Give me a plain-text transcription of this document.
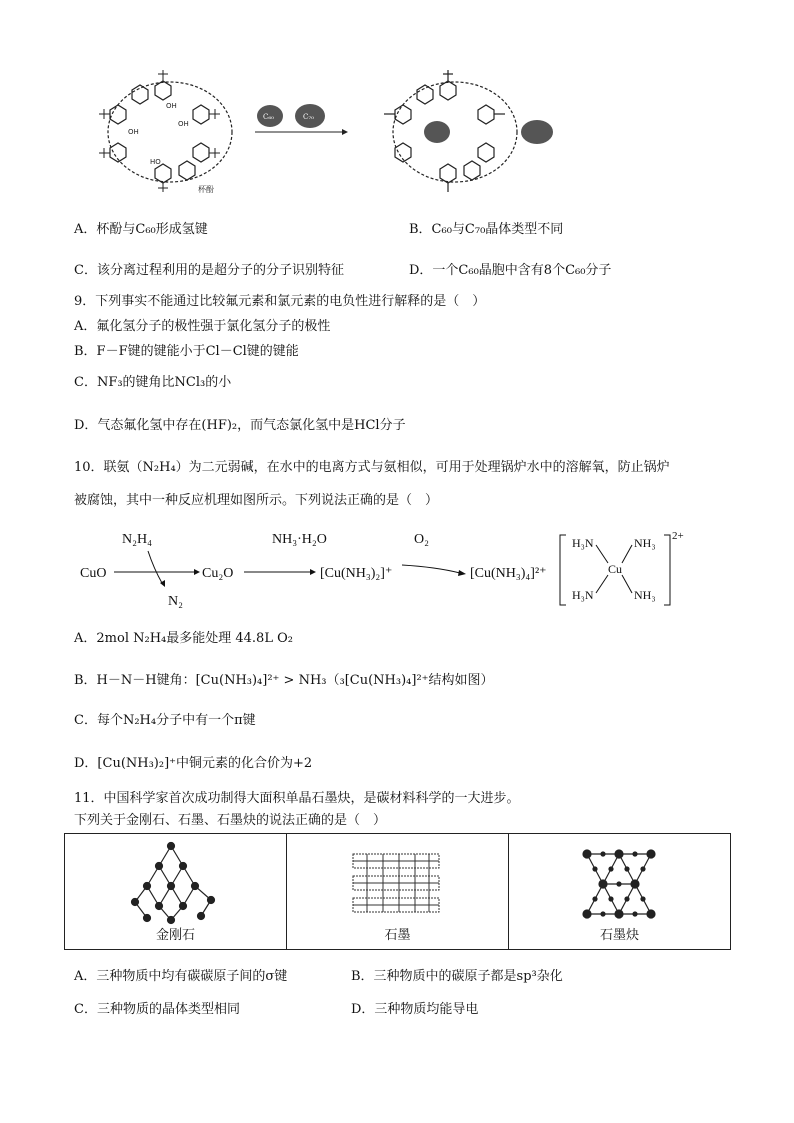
OH
OH
OH
HO
杯酚
C₆₀	C₇₀
A．杯酚与C₆₀形成氢键	B．C₆₀与C₇₀晶体类型不同
C．该分离过程利用的是超分子的分子识别特征	D．一个C₆₀晶胞中含有8个C₆₀分子
9．下列事实不能通过比较氟元素和氯元素的电负性进行解释的是（　）
A．氟化氢分子的极性强于氯化氢分子的极性
B．F－F键的键能小于Cl－Cl键的键能
C．NF₃的键角比NCl₃的小
D．气态氟化氢中存在(HF)₂，而气态氯化氢中是HCl分子
10．联氨（N₂H₄）为二元弱碱，在水中的电离方式与氨相似，可用于处理锅炉水中的溶解氧，防止锅炉
被腐蚀，其中一种反应机理如图所示。下列说法正确的是（　）
CuO
N₂H₄
N₂
Cu₂O
NH₃·H₂O
[Cu(NH₃)₂]⁺
O₂
[Cu(NH₃)₄]²⁺
H₃N	NH₃
Cu
H₃N	NH₃
2+
A．2mol N₂H₄最多能处理 44.8L O₂
B．H－N－H键角：[Cu(NH₃)₄]²⁺ > NH₃（₃[Cu(NH₃)₄]²⁺结构如图）
C．每个N₂H₄分子中有一个π键
D．[Cu(NH₃)₂]⁺中铜元素的化合价为+2
11．中国科学家首次成功制得大面积单晶石墨炔，是碳材料科学的一大进步。
下列关于金刚石、石墨、石墨炔的说法正确的是（　）
金刚石	石墨	石墨炔
A．三种物质中均有碳碳原子间的σ键	B．三种物质中的碳原子都是sp³杂化
C．三种物质的晶体类型相同	D．三种物质均能导电
